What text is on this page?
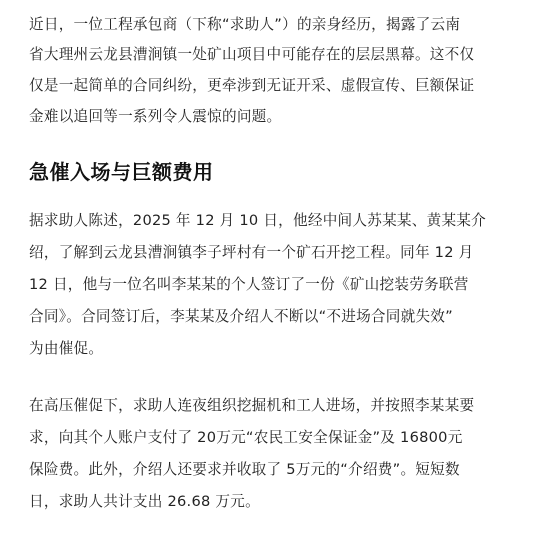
近日，一位工程承包商（下称“求助人”）的亲身经历，揭露了云南
省大理州云龙县漕涧镇一处矿山项目中可能存在的层层黑幕。这不仅
仅是一起简单的合同纠纷，更牵涉到无证开采、虚假宣传、巨额保证
金难以追回等一系列令人震惊的问题。
急催入场与巨额费用
据求助人陈述，2025 年 12 月 10 日，他经中间人苏某某、黄某某介
绍，了解到云龙县漕涧镇李子坪村有一个矿石开挖工程。同年 12 月
12 日，他与一位名叫李某某的个人签订了一份《矿山挖装劳务联营
合同》。合同签订后，李某某及介绍人不断以“不进场合同就失效”
为由催促。
在高压催促下，求助人连夜组织挖掘机和工人进场，并按照李某某要
求，向其个人账户支付了 20万元“农民工安全保证金”及 16800元
保险费。此外，介绍人还要求并收取了 5万元的“介绍费”。短短数
日，求助人共计支出 26.68 万元。
